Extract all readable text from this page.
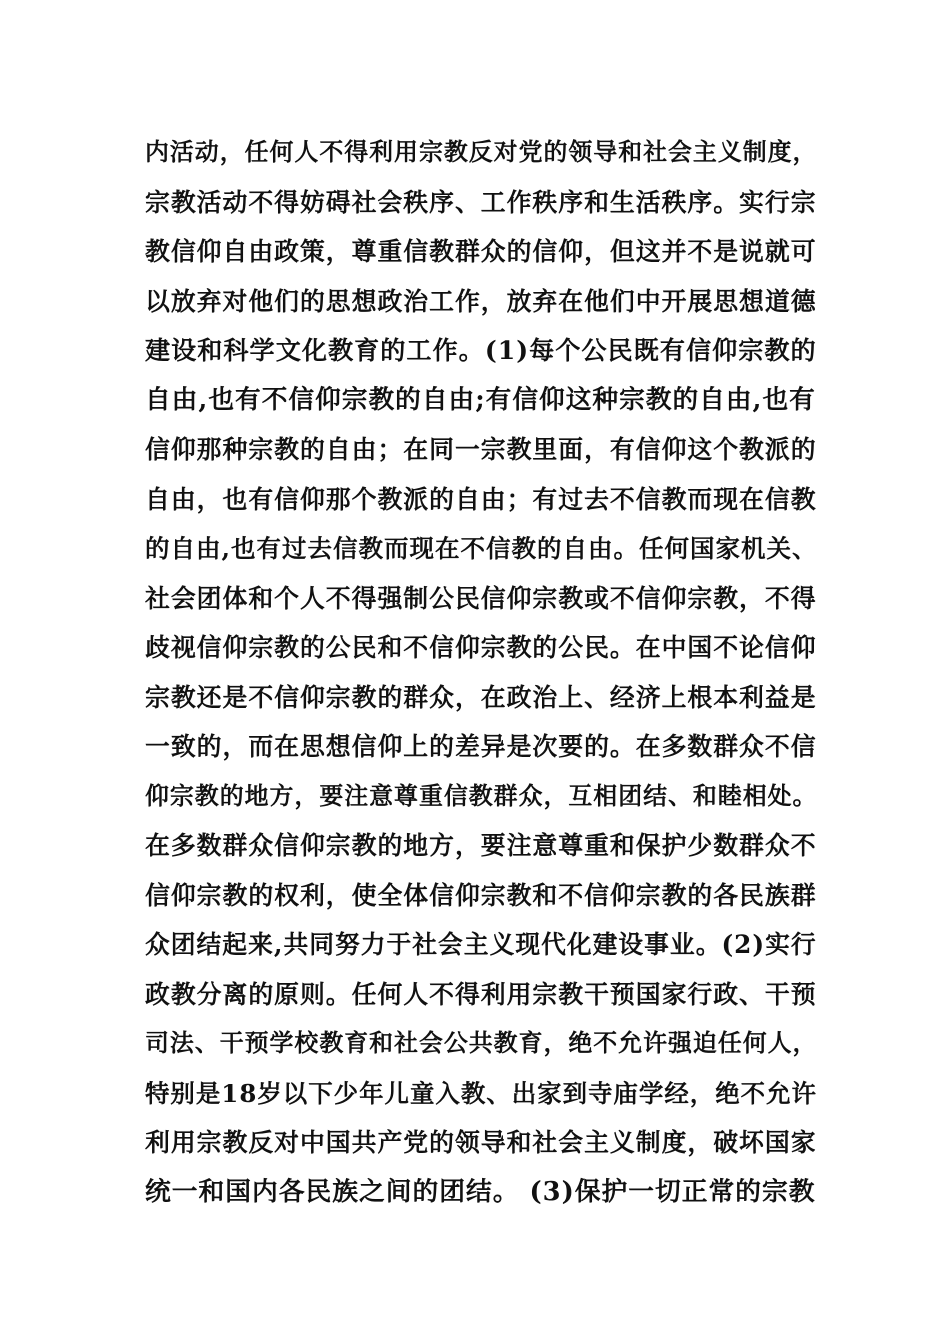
内活动，任何人不得利用宗教反对党的领导和社会主义制度，
宗教活动不得妨碍社会秩序、工作秩序和生活秩序。实行宗
教信仰自由政策，尊重信教群众的信仰，但这并不是说就可
以放弃对他们的思想政治工作，放弃在他们中开展思想道德
建设和科学文化教育的工作。(1)每个公民既有信仰宗教的
自由,也有不信仰宗教的自由;有信仰这种宗教的自由,也有
信仰那种宗教的自由；在同一宗教里面，有信仰这个教派的
自由，也有信仰那个教派的自由；有过去不信教而现在信教
的自由,也有过去信教而现在不信教的自由。任何国家机关、
社会团体和个人不得强制公民信仰宗教或不信仰宗教，不得
歧视信仰宗教的公民和不信仰宗教的公民。在中国不论信仰
宗教还是不信仰宗教的群众，在政治上、经济上根本利益是
一致的，而在思想信仰上的差异是次要的。在多数群众不信
仰宗教的地方，要注意尊重信教群众，互相团结、和睦相处。
在多数群众信仰宗教的地方，要注意尊重和保护少数群众不
信仰宗教的权利，使全体信仰宗教和不信仰宗教的各民族群
众团结起来,共同努力于社会主义现代化建设事业。(2)实行
政教分离的原则。任何人不得利用宗教干预国家行政、干预
司法、干预学校教育和社会公共教育，绝不允许强迫任何人，
特别是18岁以下少年儿童入教、出家到寺庙学经，绝不允许
利用宗教反对中国共产党的领导和社会主义制度，破坏国家
统一和国内各民族之间的团结。 (3)保护一切正常的宗教
